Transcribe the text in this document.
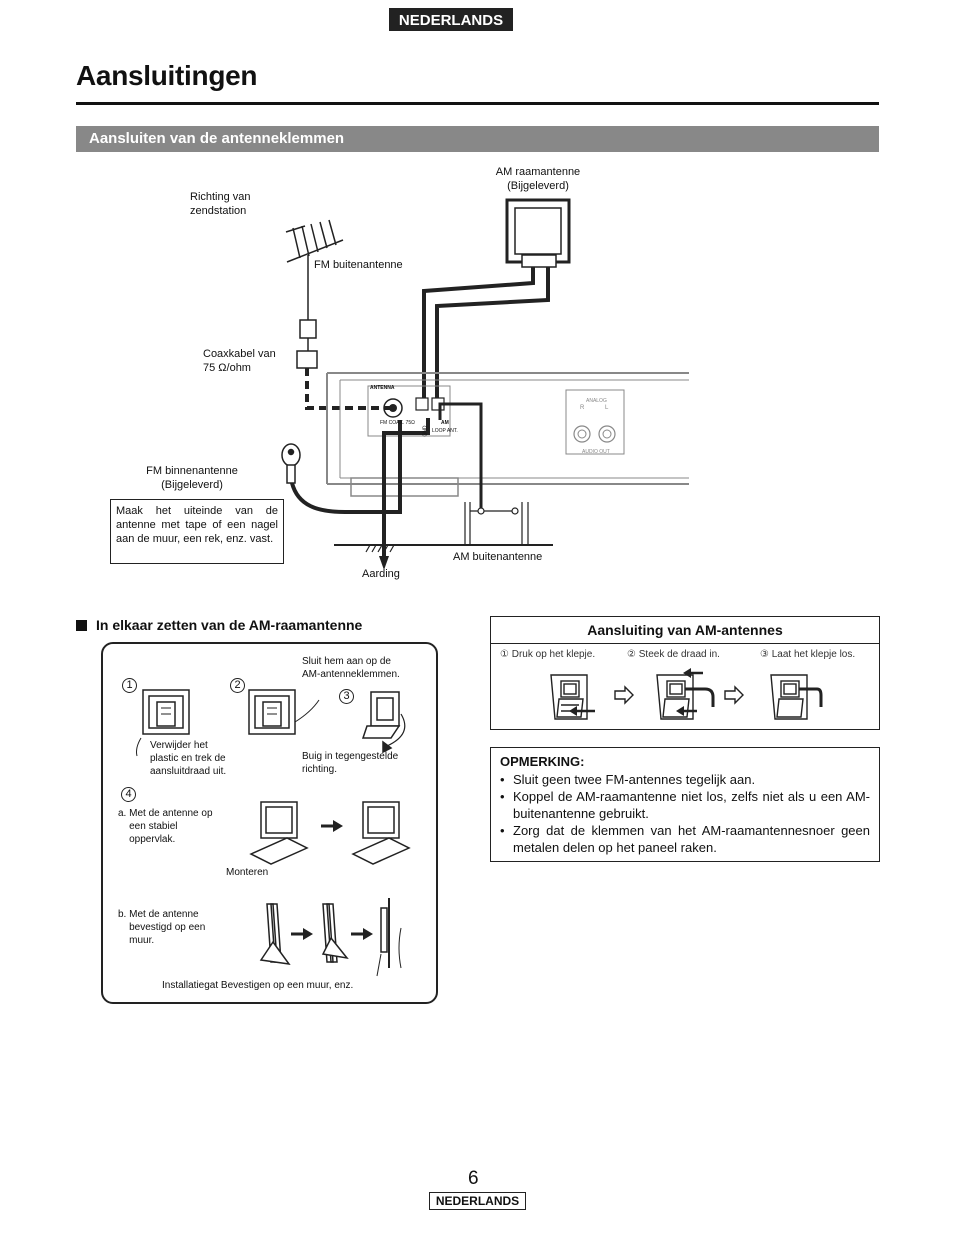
NEDERLANDS
Aansluitingen
Aansluiten van de antenneklemmen
Richting van
zendstation
FM buitenantenne
AM raamantenne
(Bijgeleverd)
Coaxkabel van
75 Ω/ohm
FM binnenantenne
(Bijgeleverd)
Maak het uiteinde van de antenne met tape of een nagel aan de muur, een rek, enz. vast.
Aarding
AM buitenantenne
ANTENNA
FM COAX. 75Ω	AM
LOOP ANT.
GND
ANALOG
R	L
AUDIO OUT
In elkaar zetten van de AM-raamantenne
1	2
3
4
Sluit hem aan op de
AM-antenneklemmen.
Verwijder het
plastic en trek de
aansluitdraad uit.
Buig in tegengestelde
richting.
a. Met de antenne op
een stabiel
oppervlak.
Monteren
b. Met de antenne
bevestigd op een
muur.
Installatiegat Bevestigen op een muur, enz.
Aansluiting van AM-antennes
① Druk op het klepje.	② Steek de draad in.	③ Laat het klepje los.
OPMERKING:
• Sluit geen twee FM-antennes tegelijk aan.
• Koppel de AM-raamantenne niet los, zelfs niet als u een AM-buitenantenne gebruikt.
• Zorg dat de klemmen van het AM-raamantennesnoer geen metalen delen op het paneel raken.
6
NEDERLANDS
